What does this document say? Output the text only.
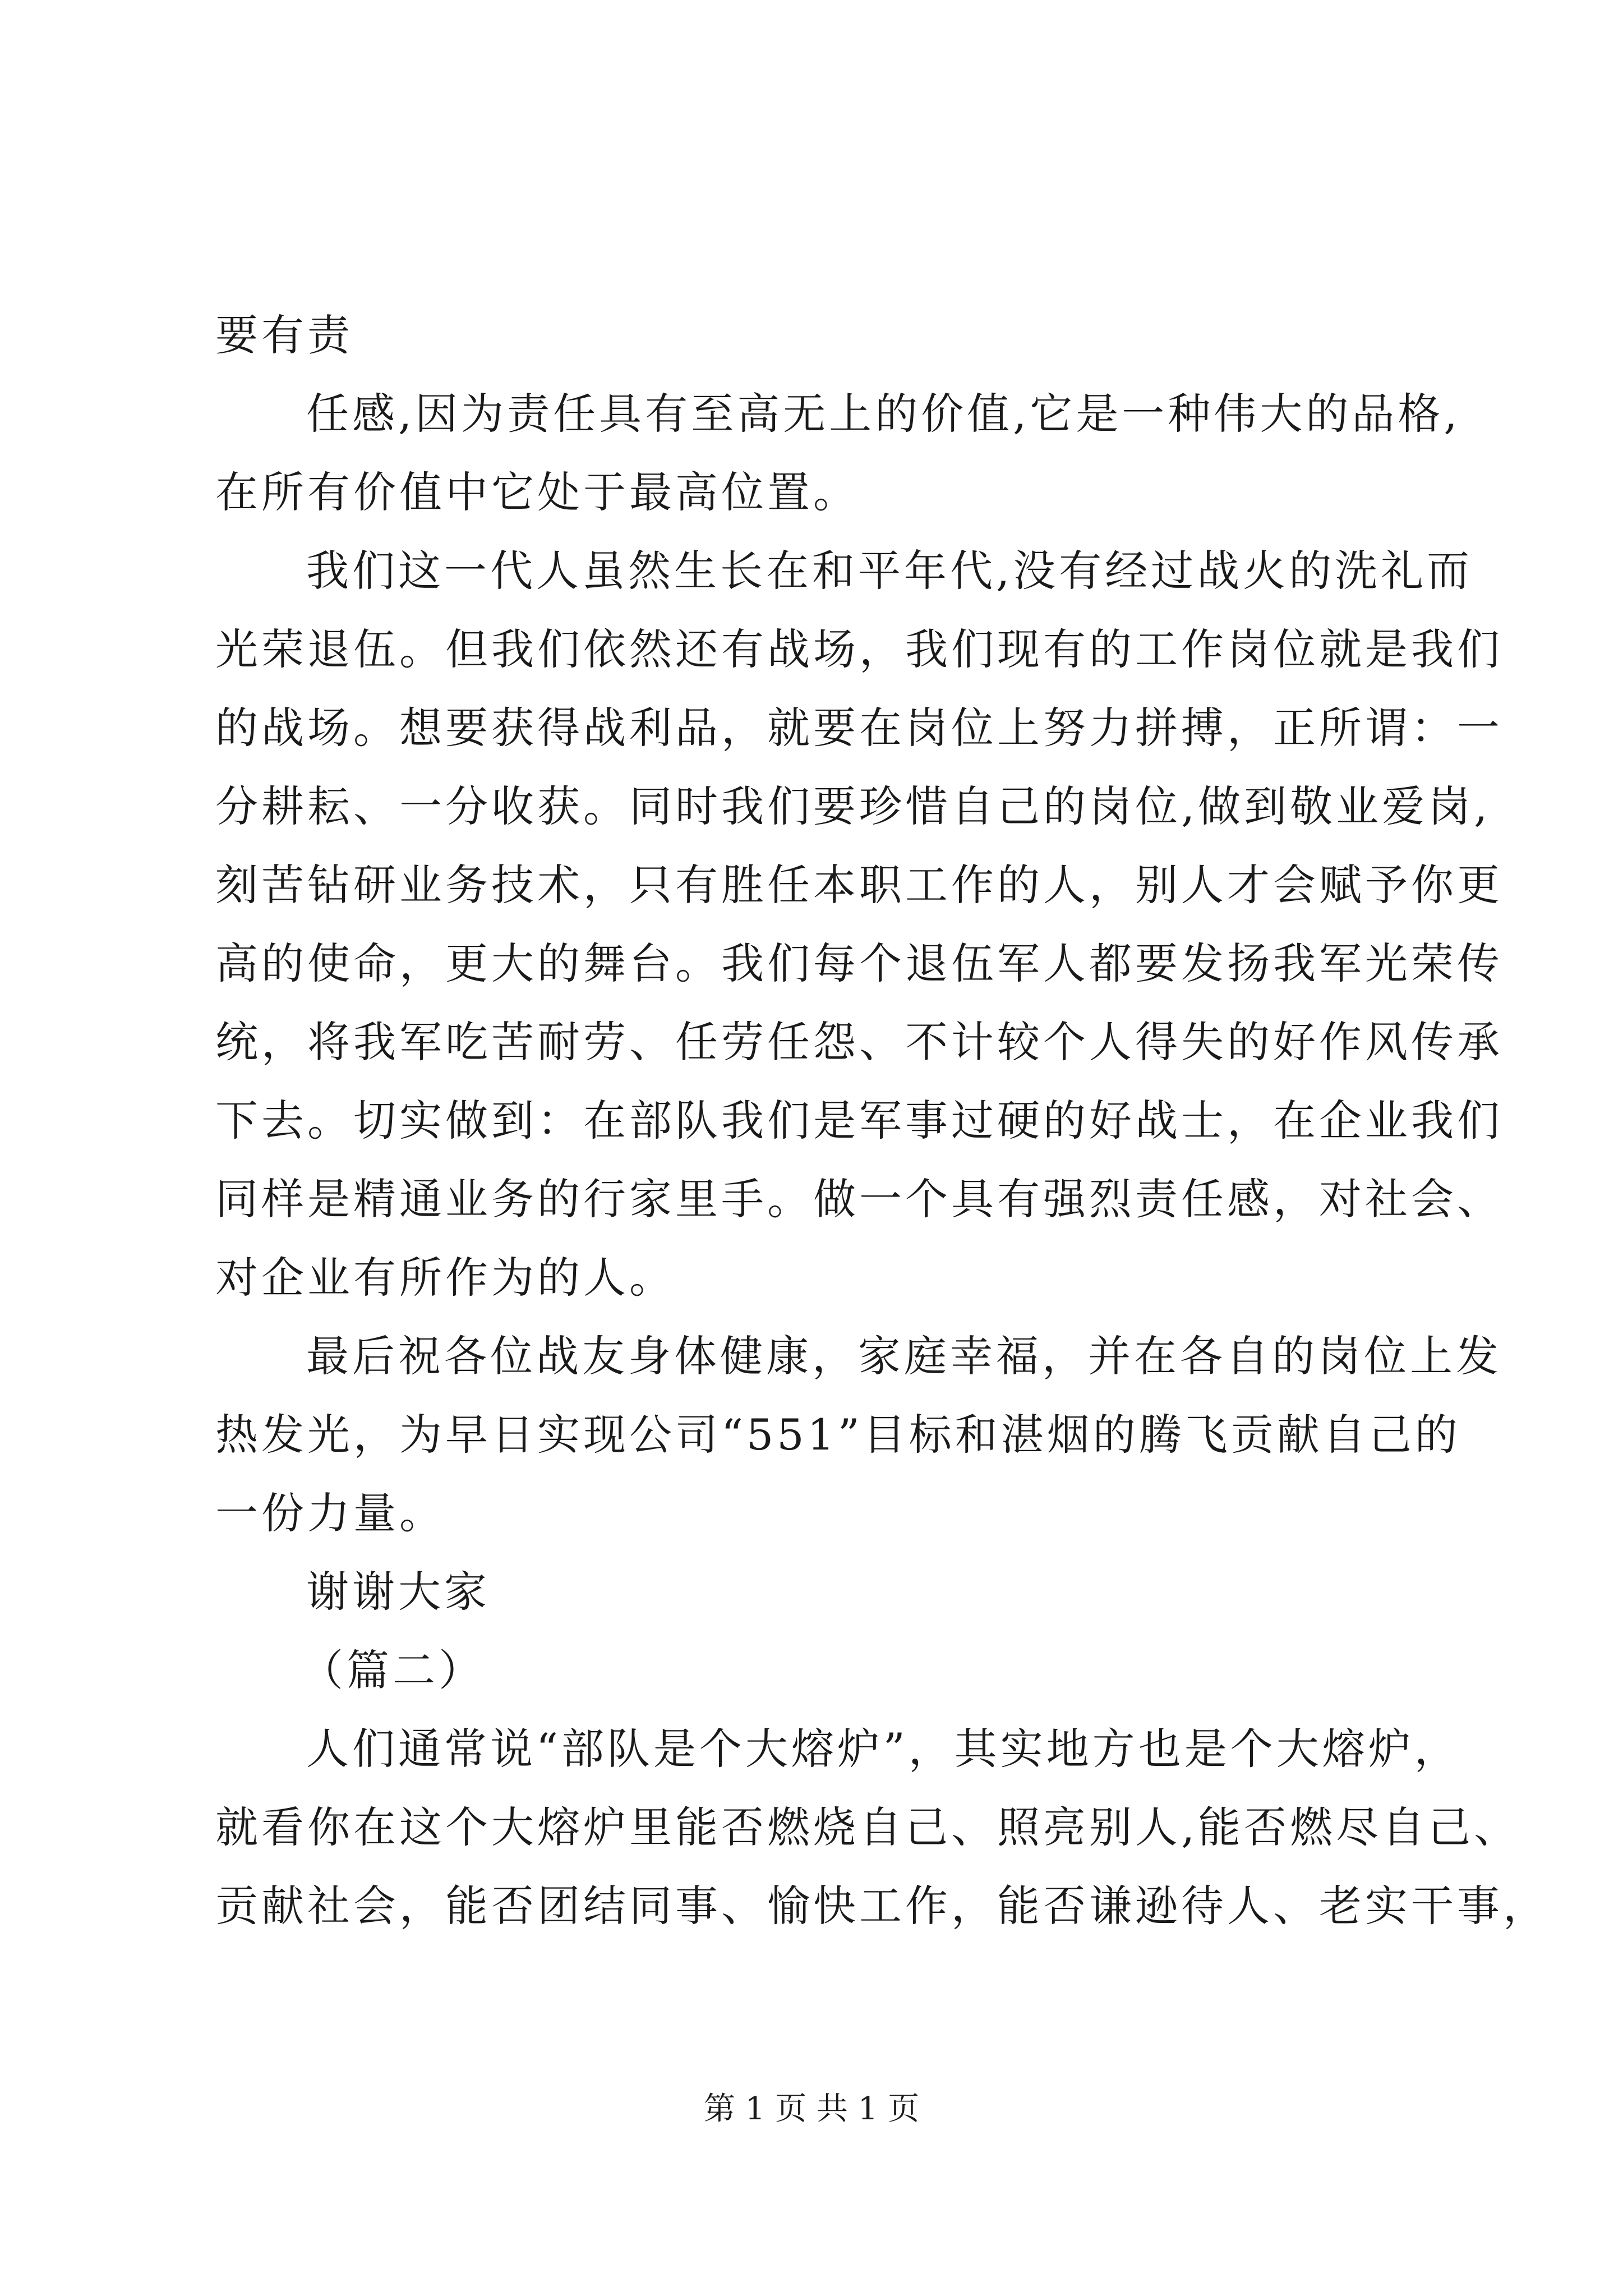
要有责
任感,因为责任具有至高无上的价值,它是一种伟大的品格,
在所有价值中它处于最高位置。
我们这一代人虽然生长在和平年代,没有经过战火的洗礼而
光荣退伍。但我们依然还有战场，我们现有的工作岗位就是我们
的战场。想要获得战利品，就要在岗位上努力拼搏，正所谓：一
分耕耘、一分收获。同时我们要珍惜自己的岗位,做到敬业爱岗,
刻苦钻研业务技术，只有胜任本职工作的人，别人才会赋予你更
高的使命，更大的舞台。我们每个退伍军人都要发扬我军光荣传
统，将我军吃苦耐劳、任劳任怨、不计较个人得失的好作风传承
下去。切实做到：在部队我们是军事过硬的好战士，在企业我们
同样是精通业务的行家里手。做一个具有强烈责任感，对社会、
对企业有所作为的人。
最后祝各位战友身体健康，家庭幸福，并在各自的岗位上发
热发光，为早日实现公司“551”目标和湛烟的腾飞贡献自己的
一份力量。
谢谢大家
（篇二）
人们通常说“部队是个大熔炉”，其实地方也是个大熔炉，
就看你在这个大熔炉里能否燃烧自己、照亮别人,能否燃尽自己、
贡献社会，能否团结同事、愉快工作，能否谦逊待人、老实干事，
第 1 页 共 1 页
